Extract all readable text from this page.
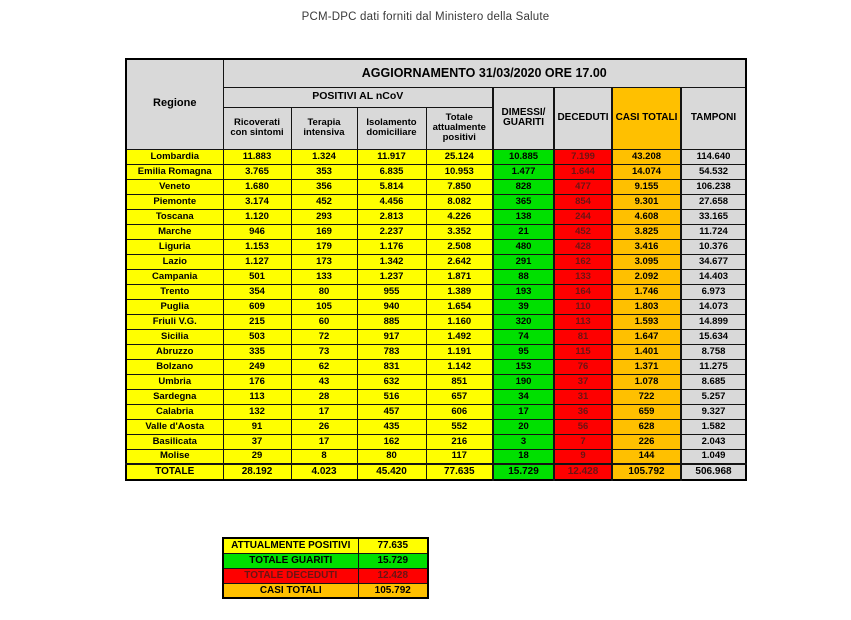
PCM-DPC dati forniti dal Ministero della Salute
Regione	AGGIORNAMENTO 31/03/2020 ORE 17.00							
	POSITIVI AL nCoV				DIMESSI/ GUARITI	DECEDUTI	CASI TOTALI	TAMPONI
	Ricoverati con sintomi	Terapia intensiva	Isolamento domiciliare	Totale attualmente positivi				
Lombardia	11.883	1.324	11.917	25.124	10.885	7.199	43.208	114.640
Emilia Romagna	3.765	353	6.835	10.953	1.477	1.644	14.074	54.532
Veneto	1.680	356	5.814	7.850	828	477	9.155	106.238
Piemonte	3.174	452	4.456	8.082	365	854	9.301	27.658
Toscana	1.120	293	2.813	4.226	138	244	4.608	33.165
Marche	946	169	2.237	3.352	21	452	3.825	11.724
Liguria	1.153	179	1.176	2.508	480	428	3.416	10.376
Lazio	1.127	173	1.342	2.642	291	162	3.095	34.677
Campania	501	133	1.237	1.871	88	133	2.092	14.403
Trento	354	80	955	1.389	193	164	1.746	6.973
Puglia	609	105	940	1.654	39	110	1.803	14.073
Friuli V.G.	215	60	885	1.160	320	113	1.593	14.899
Sicilia	503	72	917	1.492	74	81	1.647	15.634
Abruzzo	335	73	783	1.191	95	115	1.401	8.758
Bolzano	249	62	831	1.142	153	76	1.371	11.275
Umbria	176	43	632	851	190	37	1.078	8.685
Sardegna	113	28	516	657	34	31	722	5.257
Calabria	132	17	457	606	17	36	659	9.327
Valle d'Aosta	91	26	435	552	20	56	628	1.582
Basilicata	37	17	162	216	3	7	226	2.043
Molise	29	8	80	117	18	9	144	1.049
TOTALE	28.192	4.023	45.420	77.635	15.729	12.428	105.792	506.968
ATTUALMENTE POSITIVI	77.635
TOTALE GUARITI	15.729
TOTALE DECEDUTI	12.428
CASI TOTALI	105.792
